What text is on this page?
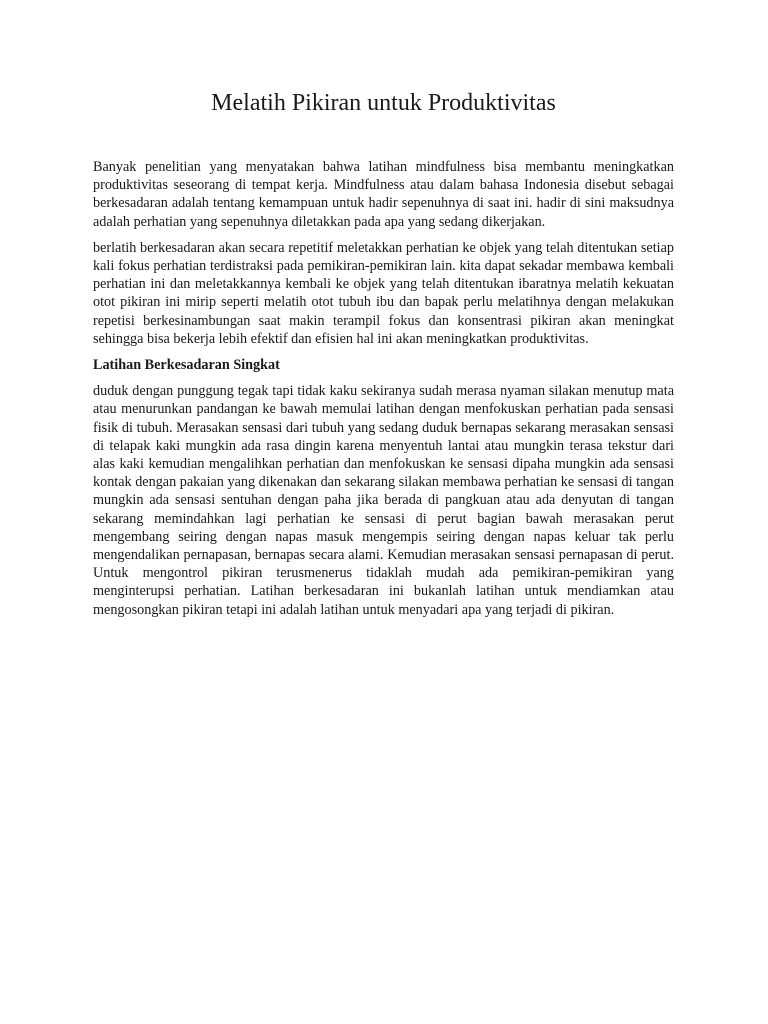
Melatih Pikiran untuk Produktivitas

Banyak penelitian yang menyatakan bahwa latihan mindfulness bisa membantu meningkatkan produktivitas seseorang di tempat kerja. Mindfulness atau dalam bahasa Indonesia disebut sebagai berkesadaran adalah tentang kemampuan untuk hadir sepenuhnya di saat ini. hadir di sini maksudnya adalah perhatian yang sepenuhnya diletakkan pada apa yang sedang dikerjakan.

berlatih berkesadaran akan secara repetitif meletakkan perhatian ke objek yang telah ditentukan setiap kali fokus perhatian terdistraksi pada pemikiran-pemikiran lain. kita dapat sekadar membawa kembali perhatian ini dan meletakkannya kembali ke objek yang telah ditentukan ibaratnya melatih kekuatan otot pikiran ini mirip seperti melatih otot tubuh ibu dan bapak perlu melatihnya dengan melakukan repetisi berkesinambungan saat makin terampil fokus dan konsentrasi pikiran akan meningkat sehingga bisa bekerja lebih efektif dan efisien hal ini akan meningkatkan produktivitas.

Latihan Berkesadaran Singkat

duduk dengan punggung tegak tapi tidak kaku sekiranya sudah merasa nyaman silakan menutup mata atau menurunkan pandangan ke bawah memulai latihan dengan menfokuskan perhatian pada sensasi fisik di tubuh. Merasakan sensasi dari tubuh yang sedang duduk bernapas sekarang merasakan sensasi di telapak kaki mungkin ada rasa dingin karena menyentuh lantai atau mungkin terasa tekstur dari alas kaki kemudian mengalihkan perhatian dan menfokuskan ke sensasi dipaha mungkin ada sensasi kontak dengan pakaian yang dikenakan dan sekarang silakan membawa perhatian ke sensasi di tangan mungkin ada sensasi sentuhan dengan paha jika berada di pangkuan atau ada denyutan di tangan sekarang memindahkan lagi perhatian ke sensasi di perut bagian bawah merasakan perut mengembang seiring dengan napas masuk mengempis seiring dengan napas keluar tak perlu mengendalikan pernapasan, bernapas secara alami. Kemudian merasakan sensasi pernapasan di perut. Untuk mengontrol pikiran terusmenerus tidaklah mudah ada pemikiran-pemikiran yang menginterupsi perhatian. Latihan berkesadaran ini bukanlah latihan untuk mendiamkan atau mengosongkan pikiran tetapi ini adalah latihan untuk menyadari apa yang terjadi di pikiran.
